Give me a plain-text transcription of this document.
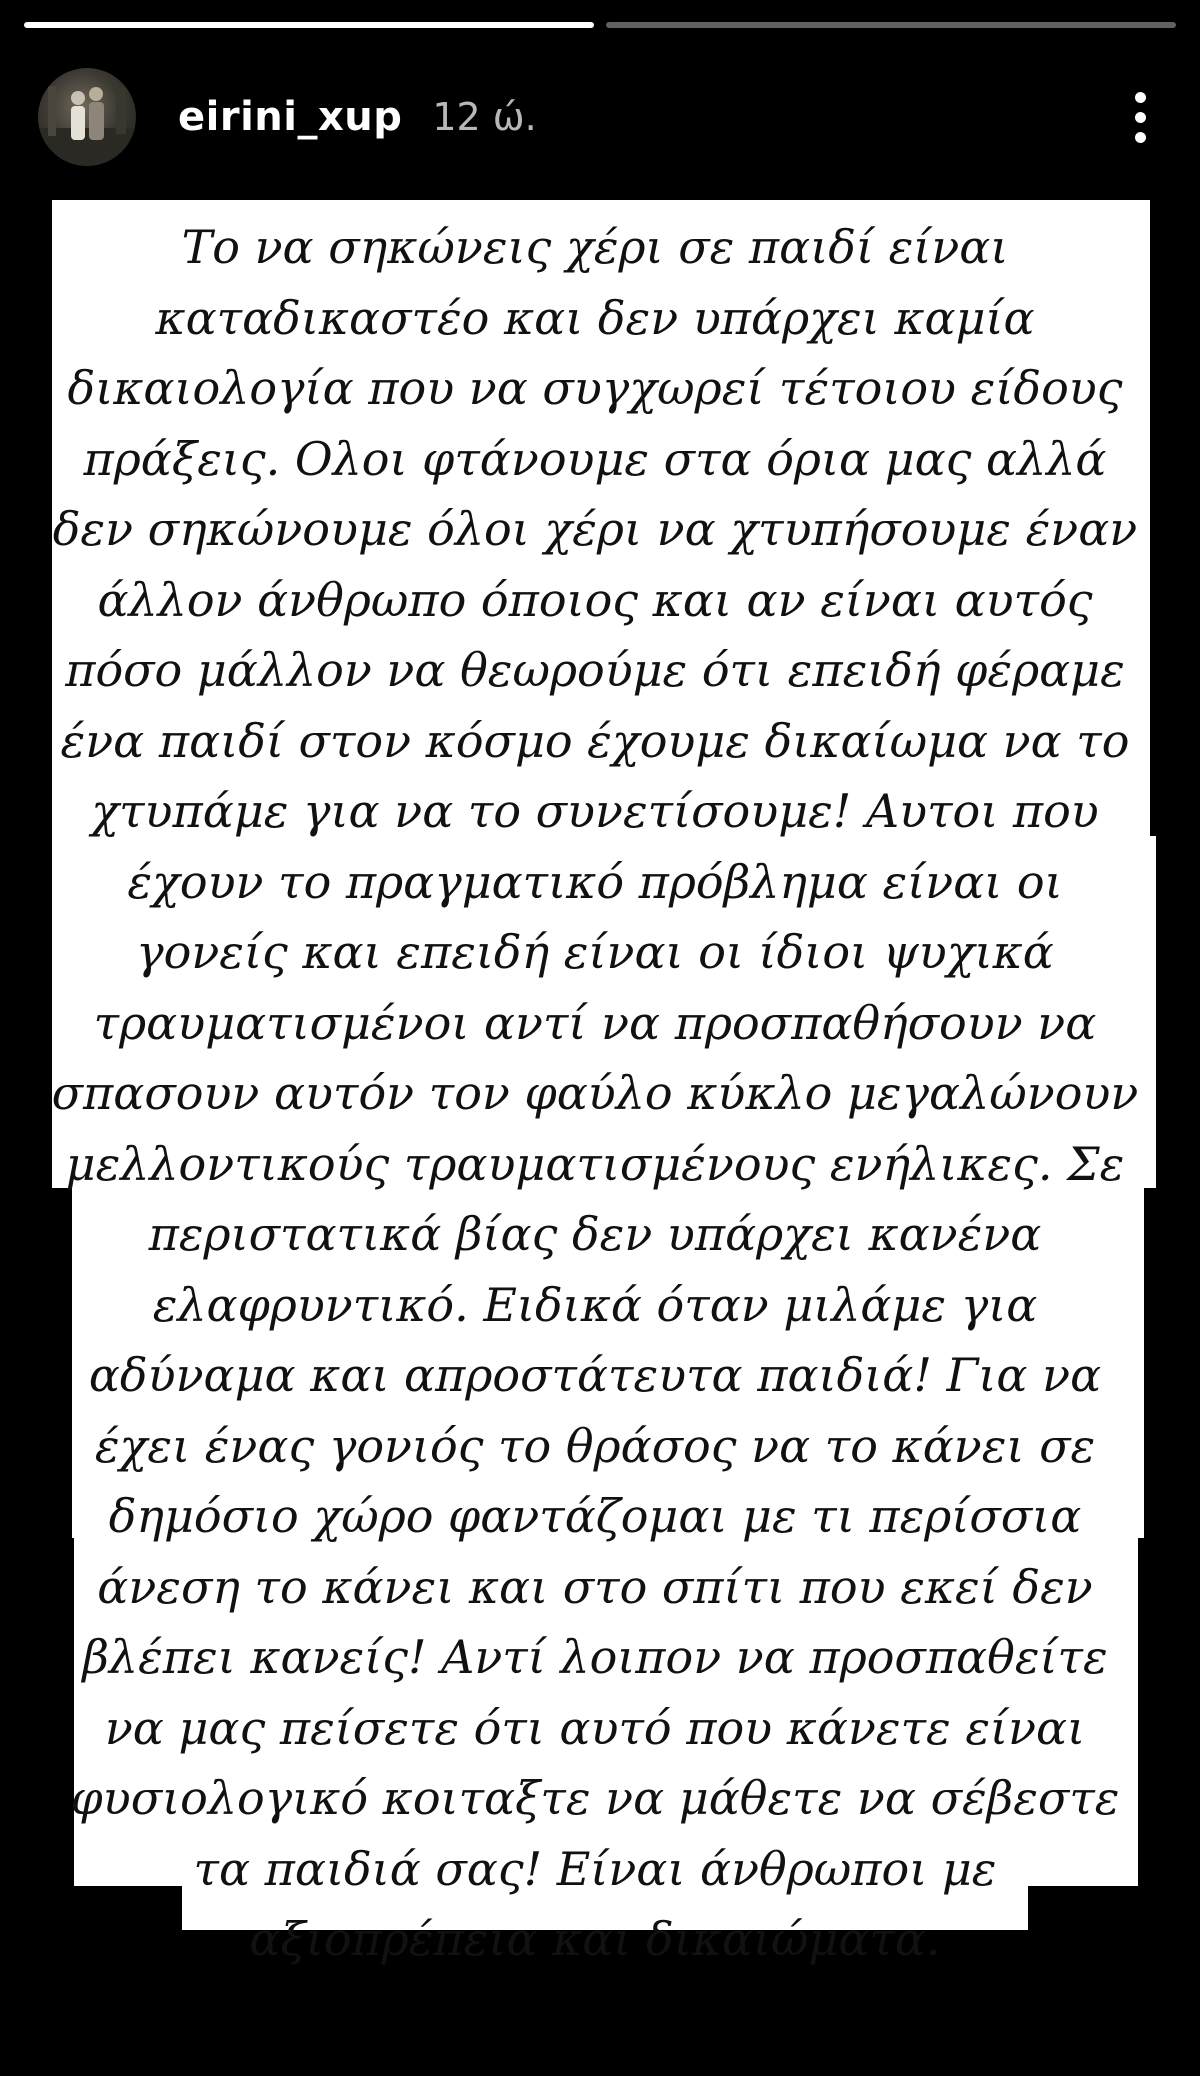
eirini_xup 12 ώ.
Το να σηκώνεις χέρι σε παιδί είναι
καταδικαστέο και δεν υπάρχει καμία
δικαιολογία που να συγχωρεί τέτοιου είδους
πράξεις. Ολοι φτάνουμε στα όρια μας αλλά
δεν σηκώνουμε όλοι χέρι να χτυπήσουμε έναν
άλλον άνθρωπο όποιος και αν είναι αυτός
πόσο μάλλον να θεωρούμε ότι επειδή φέραμε
ένα παιδί στον κόσμο έχουμε δικαίωμα να το
χτυπάμε για να το συνετίσουμε! Αυτοι που
έχουν το πραγματικό πρόβλημα είναι οι
γονείς και επειδή είναι οι ίδιοι ψυχικά
τραυματισμένοι αντί να προσπαθήσουν να
σπασουν αυτόν τον φαύλο κύκλο μεγαλώνουν
μελλοντικούς τραυματισμένους ενήλικες. Σε
περιστατικά βίας δεν υπάρχει κανένα
ελαφρυντικό. Ειδικά όταν μιλάμε για
αδύναμα και απροστάτευτα παιδιά! Για να
έχει ένας γονιός το θράσος να το κάνει σε
δημόσιο χώρο φαντάζομαι με τι περίσσια
άνεση το κάνει και στο σπίτι που εκεί δεν
βλέπει κανείς! Αντί λοιπον να προσπαθείτε
να μας πείσετε ότι αυτό που κάνετε είναι
φυσιολογικό κοιταξτε να μάθετε να σέβεστε
τα παιδιά σας! Είναι άνθρωποι με
αξιοπρέπεια και δικαιώματα.
